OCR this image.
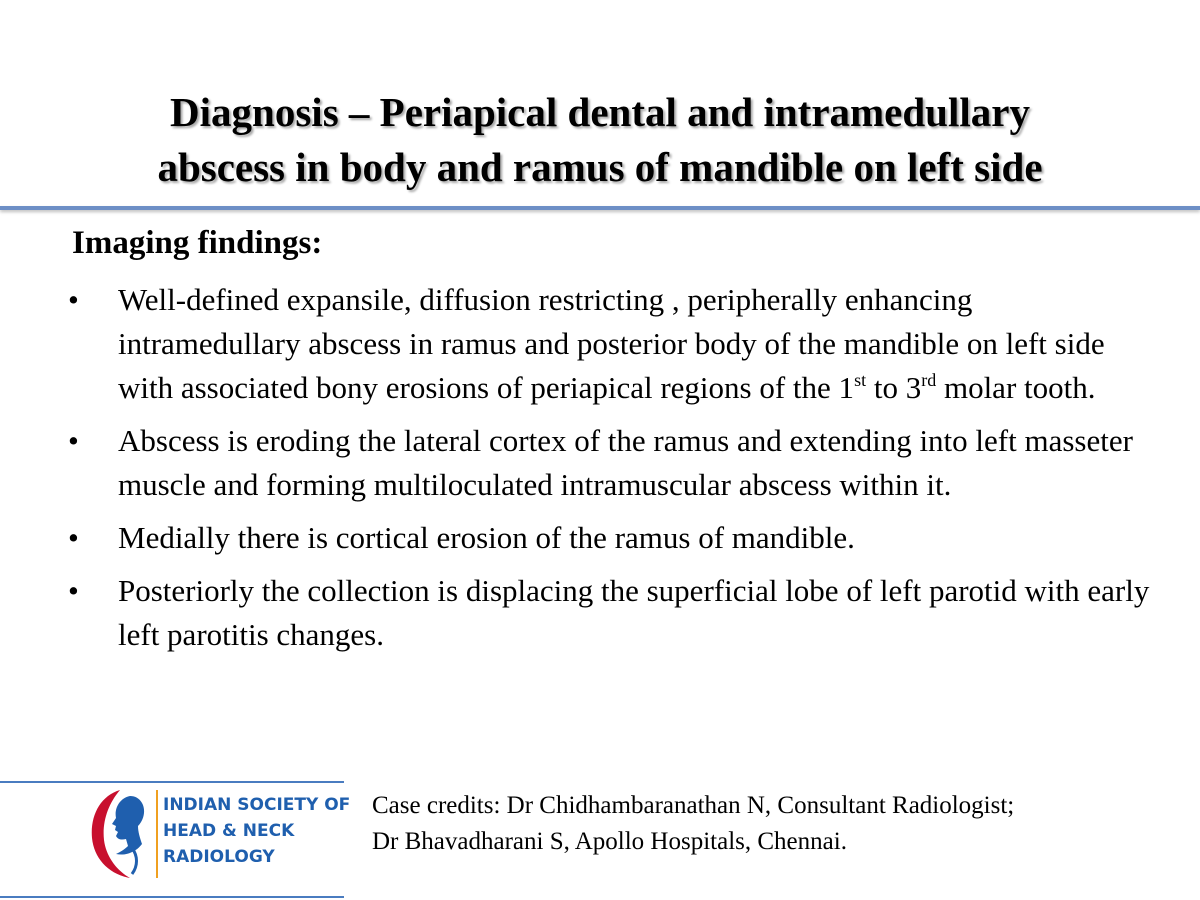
Diagnosis – Periapical dental and intramedullary
abscess in body and ramus of mandible on left side
Imaging findings:
• Well-defined expansile, diffusion restricting , peripherally enhancing intramedullary abscess in ramus and posterior body of the mandible on left side with associated bony erosions of periapical regions of the 1st to 3rd molar tooth.
• Abscess is eroding the lateral cortex of the ramus and extending into left masseter muscle and forming multiloculated intramuscular abscess within it.
• Medially there is cortical erosion of the ramus of mandible.
• Posteriorly the collection is displacing the superficial lobe of left parotid with early left parotitis changes.
INDIAN SOCIETY OF
HEAD & NECK
RADIOLOGY
Case credits: Dr Chidhambaranathan N, Consultant Radiologist;
Dr Bhavadharani S, Apollo Hospitals, Chennai.
